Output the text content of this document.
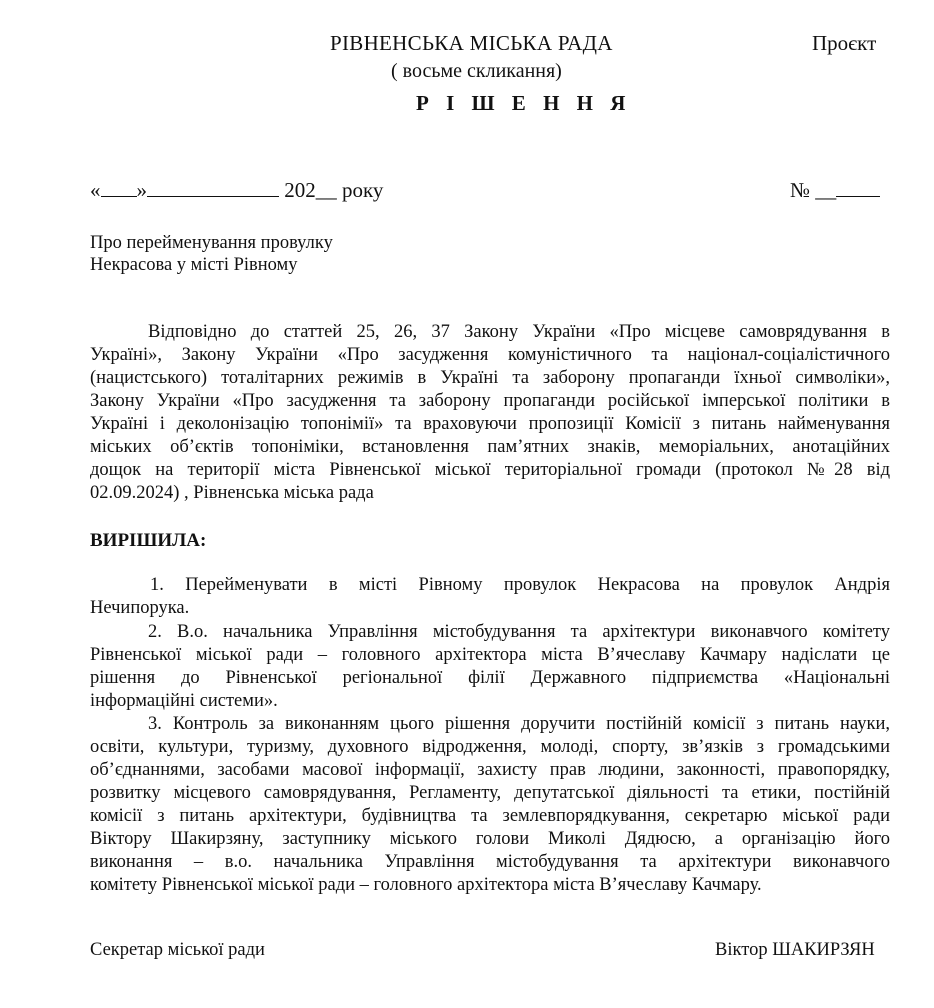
РІВНЕНСЬКА МІСЬКА РАДА	Проєкт
( восьме скликання)
Р І Ш Е Н Н Я
« »	202__ року	№ __
Про перейменування провулку
Некрасова у місті Рівному
Відповідно до статтей 25, 26, 37 Закону України «Про місцеве самоврядування в
Україні», Закону України «Про засудження комуністичного та націонал-соціалістичного
(нацистського) тоталітарних режимів в Україні та заборону пропаганди їхньої символіки»,
Закону України «Про засудження та заборону пропаганди російської імперської політики в
Україні і деколонізацію топонімії» та враховуючи пропозиції Комісії з питань найменування
міських об’єктів топоніміки, встановлення пам’ятних знаків, меморіальних, анотаційних
дощок на території міста Рівненської міської територіальної громади (протокол №28 від
02.09.2024) , Рівненська міська рада
ВИРІШИЛА:
1. Перейменувати в місті Рівному провулок Некрасова на провулок Андрія
Нечипорука.
2. В.о. начальника Управління містобудування та архітектури виконавчого комітету
Рівненської міської ради – головного архітектора міста В’ячеславу Качмару надіслати це
рішення до Рівненської регіональної філії Державного підприємства «Національні
інформаційні системи».
3. Контроль за виконанням цього рішення доручити постійній комісії з питань науки,
освіти, культури, туризму, духовного відродження, молоді, спорту, зв’язків з громадськими
об’єднаннями, засобами масової інформації, захисту прав людини, законності, правопорядку,
розвитку місцевого самоврядування, Регламенту, депутатської діяльності та етики, постійній
комісії з питань архітектури, будівництва та землевпорядкування, секретарю міської ради
Віктору Шакирзяну, заступнику міського голови Миколі Дядюсю, а організацію його
виконання – в.о. начальника Управління містобудування та архітектури виконавчого
комітету Рівненської міської ради – головного архітектора міста В’ячеславу Качмару.
Секретар міської ради	Віктор ШАКИРЗЯН
